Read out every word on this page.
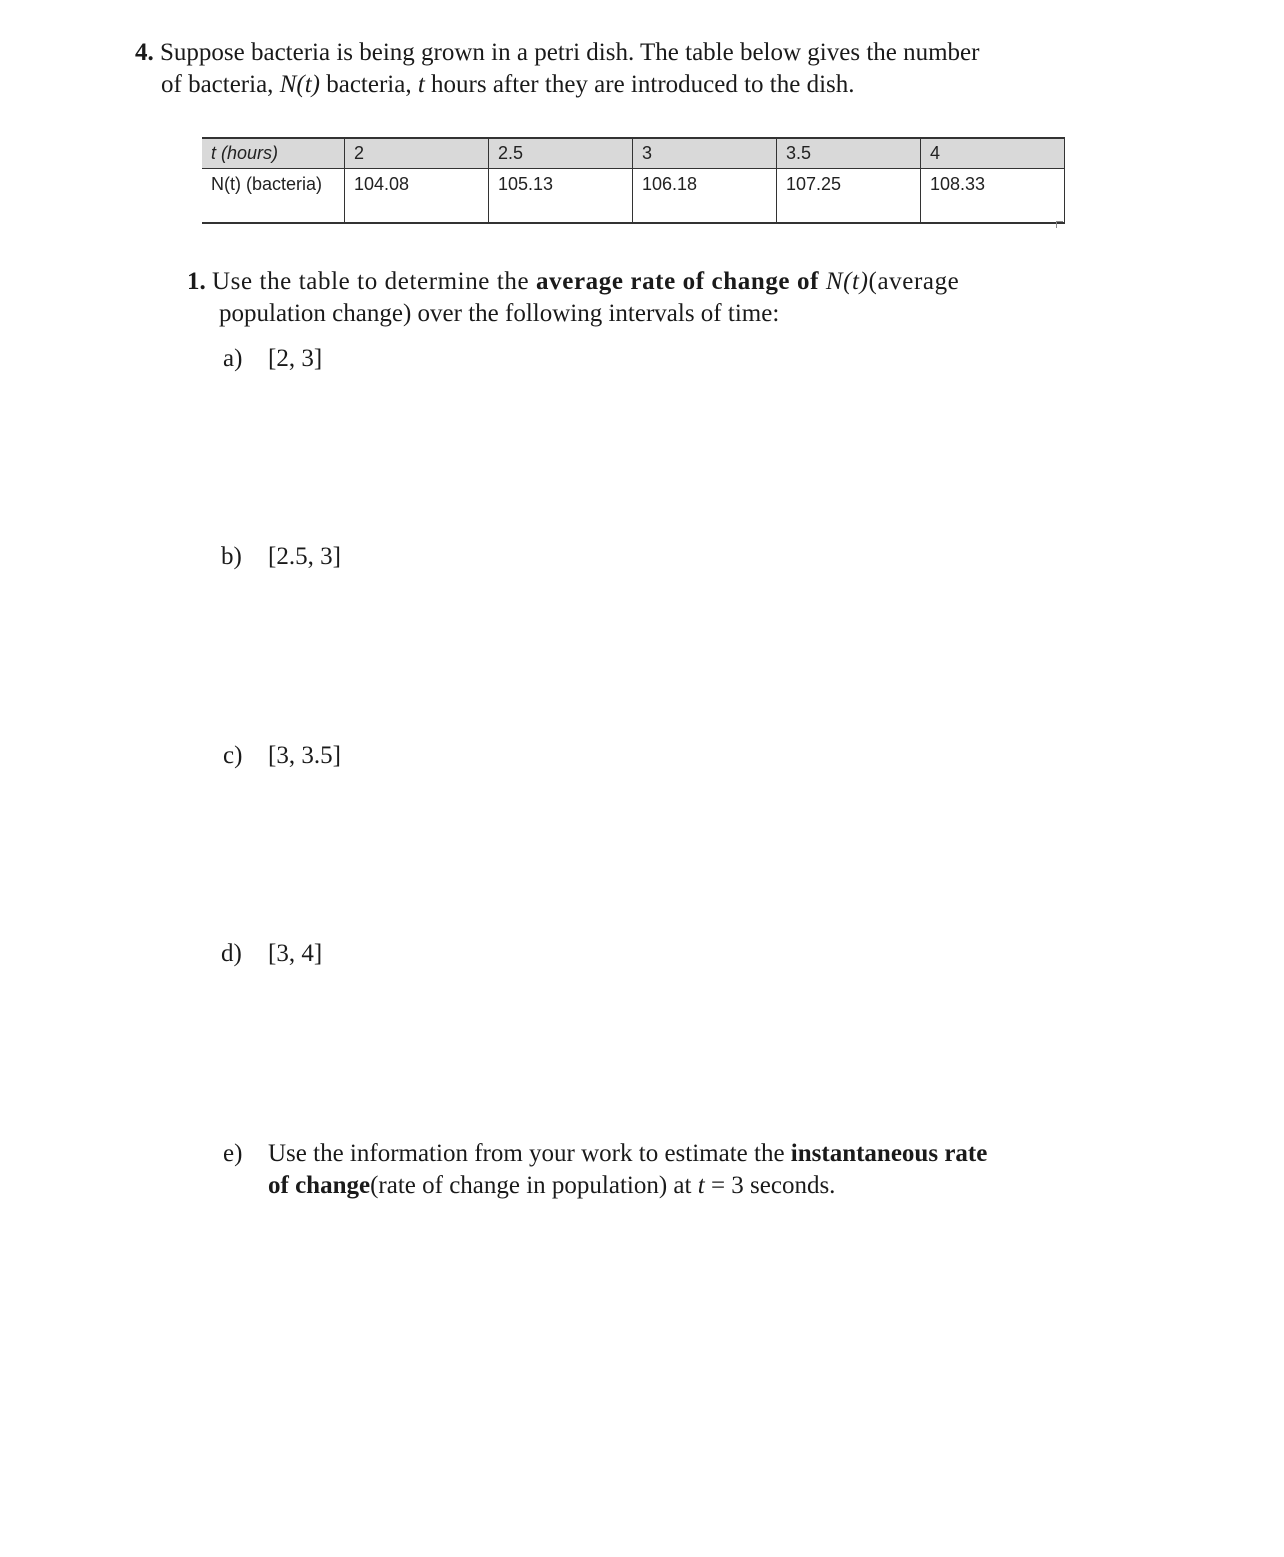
4. Suppose bacteria is being grown in a petri dish. The table below gives the number
of bacteria, N(t) bacteria, t hours after they are introduced to the dish.
t (hours)	2	2.5	3	3.5	4
N(t) (bacteria)	104.08	105.13	106.18	107.25	108.33
1. Use the table to determine the average rate of change of N(t)(average
population change) over the following intervals of time:
a) [2, 3]
b) [2.5, 3]
c) [3, 3.5]
d) [3, 4]
e) Use the information from your work to estimate the instantaneous rate
of change(rate of change in population) at t = 3 seconds.
